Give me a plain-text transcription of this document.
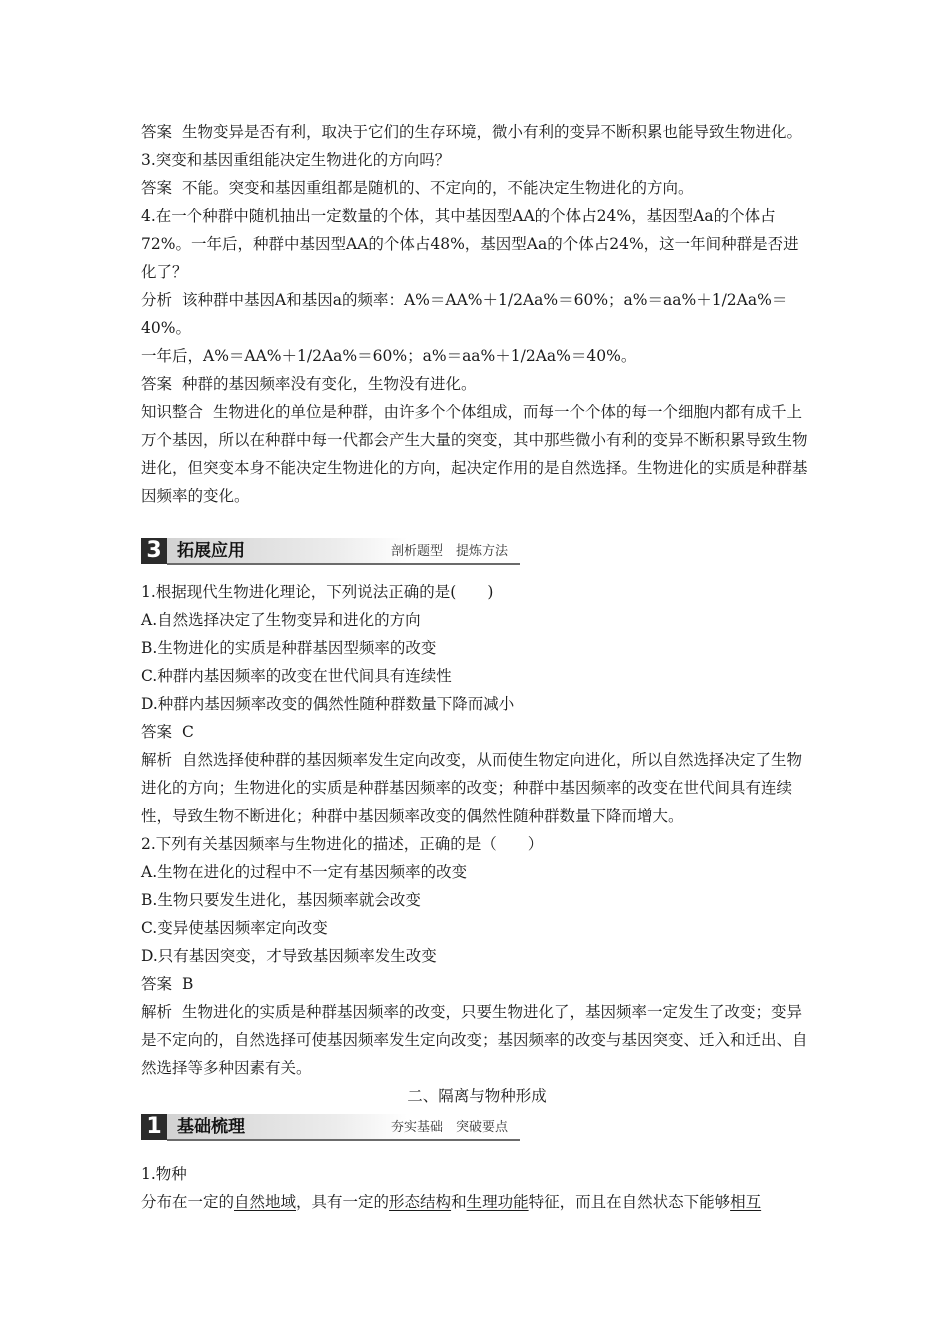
答案 生物变异是否有利，取决于它们的生存环境，微小有利的变异不断积累也能导致生物进化。

3.突变和基因重组能决定生物进化的方向吗？

答案 不能。突变和基因重组都是随机的、不定向的，不能决定生物进化的方向。

4.在一个种群中随机抽出一定数量的个体，其中基因型AA的个体占24%，基因型Aa的个体占72%。一年后，种群中基因型AA的个体占48%，基因型Aa的个体占24%，这一年间种群是否进化了？

分析 该种群中基因A和基因a的频率：A%＝AA%＋1/2Aa%＝60%；a%＝aa%＋1/2Aa%＝40%。

一年后，A%＝AA%＋1/2Aa%＝60%；a%＝aa%＋1/2Aa%＝40%。

答案 种群的基因频率没有变化，生物没有进化。

知识整合 生物进化的单位是种群，由许多个个体组成，而每一个个体的每一个细胞内都有成千上万个基因，所以在种群中每一代都会产生大量的突变，其中那些微小有利的变异不断积累导致生物进化，但突变本身不能决定生物进化的方向，起决定作用的是自然选择。生物进化的实质是种群基因频率的变化。

3 拓展应用	剖析题型　提炼方法

1.根据现代生物进化理论，下列说法正确的是(　　)

A.自然选择决定了生物变异和进化的方向

B.生物进化的实质是种群基因型频率的改变

C.种群内基因频率的改变在世代间具有连续性

D.种群内基因频率改变的偶然性随种群数量下降而减小

答案 C

解析 自然选择使种群的基因频率发生定向改变，从而使生物定向进化，所以自然选择决定了生物进化的方向；生物进化的实质是种群基因频率的改变；种群中基因频率的改变在世代间具有连续性，导致生物不断进化；种群中基因频率改变的偶然性随种群数量下降而增大。

2.下列有关基因频率与生物进化的描述，正确的是（　　）

A.生物在进化的过程中不一定有基因频率的改变

B.生物只要发生进化，基因频率就会改变

C.变异使基因频率定向改变

D.只有基因突变，才导致基因频率发生改变

答案 B

解析 生物进化的实质是种群基因频率的改变，只要生物进化了，基因频率一定发生了改变；变异是不定向的，自然选择可使基因频率发生定向改变；基因频率的改变与基因突变、迁入和迁出、自然选择等多种因素有关。

二、隔离与物种形成

1 基础梳理	夯实基础　突破要点

1.物种

分布在一定的自然地域，具有一定的形态结构和生理功能特征，而且在自然状态下能够相互
